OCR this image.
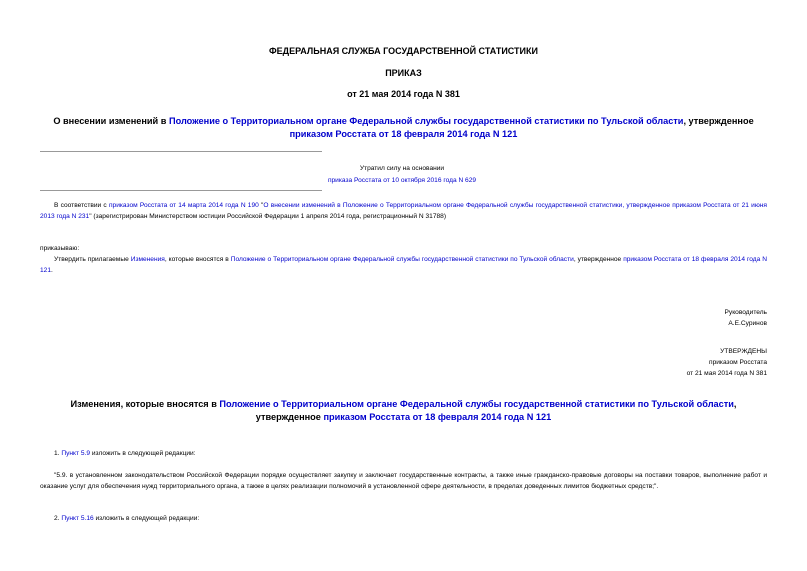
ФЕДЕРАЛЬНАЯ СЛУЖБА ГОСУДАРСТВЕННОЙ СТАТИСТИКИ
ПРИКАЗ
от 21 мая 2014 года N 381
О внесении изменений в Положение о Территориальном органе Федеральной службы государственной статистики по Тульской области, утвержденное приказом Росстата от 18 февраля 2014 года N 121
Утратил силу на основании
приказа Росстата от 10 октября 2016 года N 629
В соответствии с приказом Росстата от 14 марта 2014 года N 190 "О внесении изменений в Положение о Территориальном органе Федеральной службы государственной статистики, утвержденное приказом Росстата от 21 июня 2013 года N 231" (зарегистрирован Министерством юстиции Российской Федерации 1 апреля 2014 года, регистрационный N 31788)
приказываю:
Утвердить прилагаемые Изменения, которые вносятся в Положение о Территориальном органе Федеральной службы государственной статистики по Тульской области, утвержденное приказом Росстата от 18 февраля 2014 года N 121.
Руководитель
А.Е.Суринов
УТВЕРЖДЕНЫ
приказом Росстата
от 21 мая 2014 года N 381
Изменения, которые вносятся в Положение о Территориальном органе Федеральной службы государственной статистики по Тульской области, утвержденное приказом Росстата от 18 февраля 2014 года N 121
1. Пункт 5.9 изложить в следующей редакции:
"5.9. в установленном законодательством Российской Федерации порядке осуществляет закупку и заключает государственные контракты, а также иные гражданско-правовые договоры на поставки товаров, выполнение работ и оказание услуг для обеспечения нужд территориального органа, а также в целях реализации полномочий в установленной сфере деятельности, в пределах доведенных лимитов бюджетных средств;".
2. Пункт 5.16 изложить в следующей редакции:
